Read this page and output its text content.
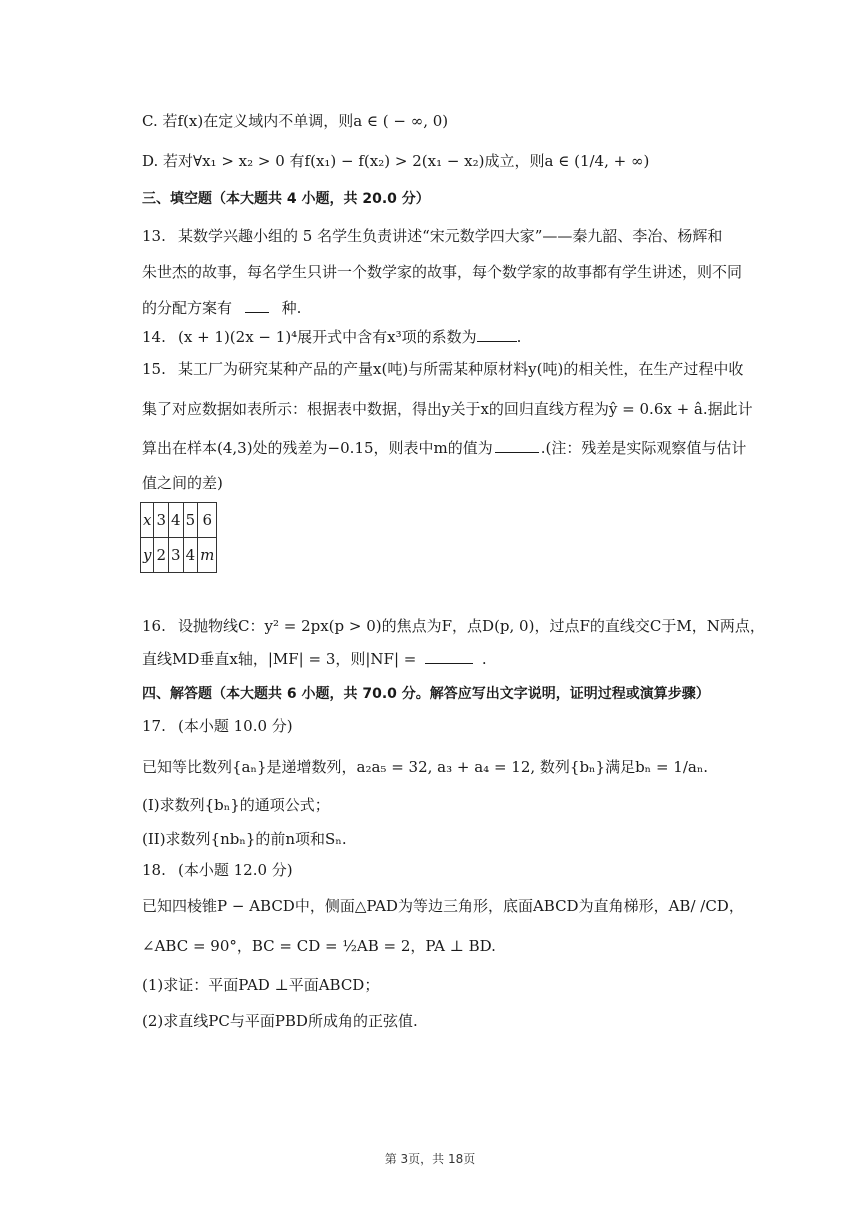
C. 若f(x)在定义域内不单调，则a ∈ ( − ∞, 0)
D. 若对∀x₁ > x₂ > 0 有f(x₁) − f(x₂) > 2(x₁ − x₂)成立，则a ∈ (1/4, + ∞)
三、填空题（本大题共 4 小题，共 20.0 分）
13. 某数学兴趣小组的 5 名学生负责讲述“宋元数学四大家”——秦九韶、李冶、杨辉和
朱世杰的故事，每名学生只讲一个数学家的故事，每个数学家的故事都有学生讲述，则不同
的分配方案有	种.
14. (x + 1)(2x − 1)⁴展开式中含有x³项的系数为	.
15. 某工厂为研究某种产品的产量x(吨)与所需某种原材料y(吨)的相关性，在生产过程中收
集了对应数据如表所示：根据表中数据，得出y关于x的回归直线方程为ŷ = 0.6x + â.据此计
算出在样本(4,3)处的残差为−0.15，则表中m的值为	.(注：残差是实际观察值与估计
值之间的差)
x	3	4	5	6
y	2	3	4	m
16. 设抛物线C：y² = 2px(p > 0)的焦点为F，点D(p, 0)，过点F的直线交C于M，N两点，
直线MD垂直x轴，|MF| = 3，则|NF| =	.
四、解答题（本大题共 6 小题，共 70.0 分。解答应写出文字说明，证明过程或演算步骤）
17. (本小题 10.0 分)
已知等比数列{aₙ}是递增数列，a₂a₅ = 32, a₃ + a₄ = 12, 数列{bₙ}满足bₙ = 1/aₙ.
(I)求数列{bₙ}的通项公式；
(II)求数列{nbₙ}的前n项和Sₙ.
18. (本小题 12.0 分)
已知四棱锥P − ABCD中，侧面△PAD为等边三角形，底面ABCD为直角梯形，AB/ /CD，
∠ABC = 90°，BC = CD = ½AB = 2，PA ⊥ BD.
(1)求证：平面PAD ⊥平面ABCD；
(2)求直线PC与平面PBD所成角的正弦值.
第 3页，共 18页
